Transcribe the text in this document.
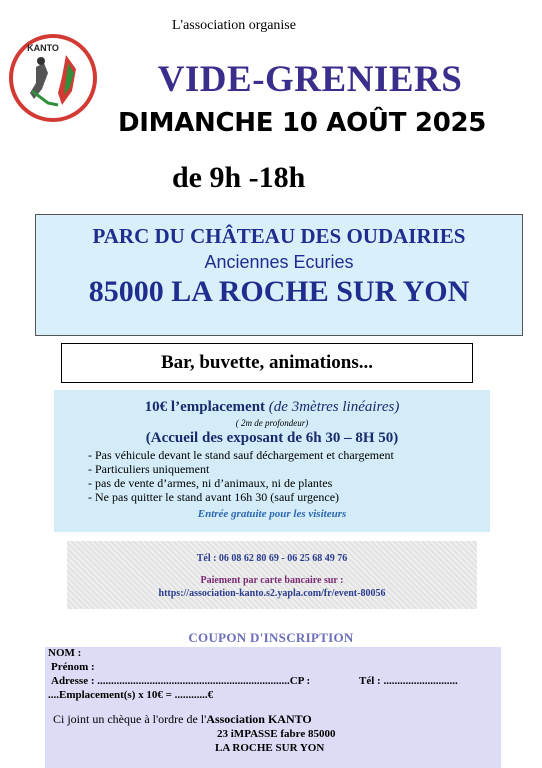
KANTO
L'association organise
VIDE-GRENIERS
DIMANCHE 10 AOÛT 2025
de 9h -18h
PARC DU CHÂTEAU DES OUDAIRIES
Anciennes Ecuries
85000 LA ROCHE SUR YON
Bar, buvette, animations...
10€ l’emplacement (de 3mètres linéaires)
( 2m de profondeur)
(Accueil des exposant de 6h 30 – 8H 50)
- Pas véhicule devant le stand sauf déchargement et chargement
- Particuliers uniquement
- pas de vente d’armes, ni d’animaux, ni de plantes
- Ne pas quitter le stand avant 16h 30 (sauf urgence)
Entrée gratuite pour les visiteurs
Tél : 06 08 62 80 69 - 06 25 68 49 76
Paiement par carte bancaire sur :
https://association-kanto.s2.yapla.com/fr/event-80056
COUPON D'INSCRIPTION
NOM :
Prénom :
Adresse : ......................................................................CP :	Tél : ...........................
....Emplacement(s) x 10€ = ............€
Ci joint un chèque à l'ordre de l'Association KANTO
23 iMPASSE fabre 85000
LA ROCHE SUR YON
